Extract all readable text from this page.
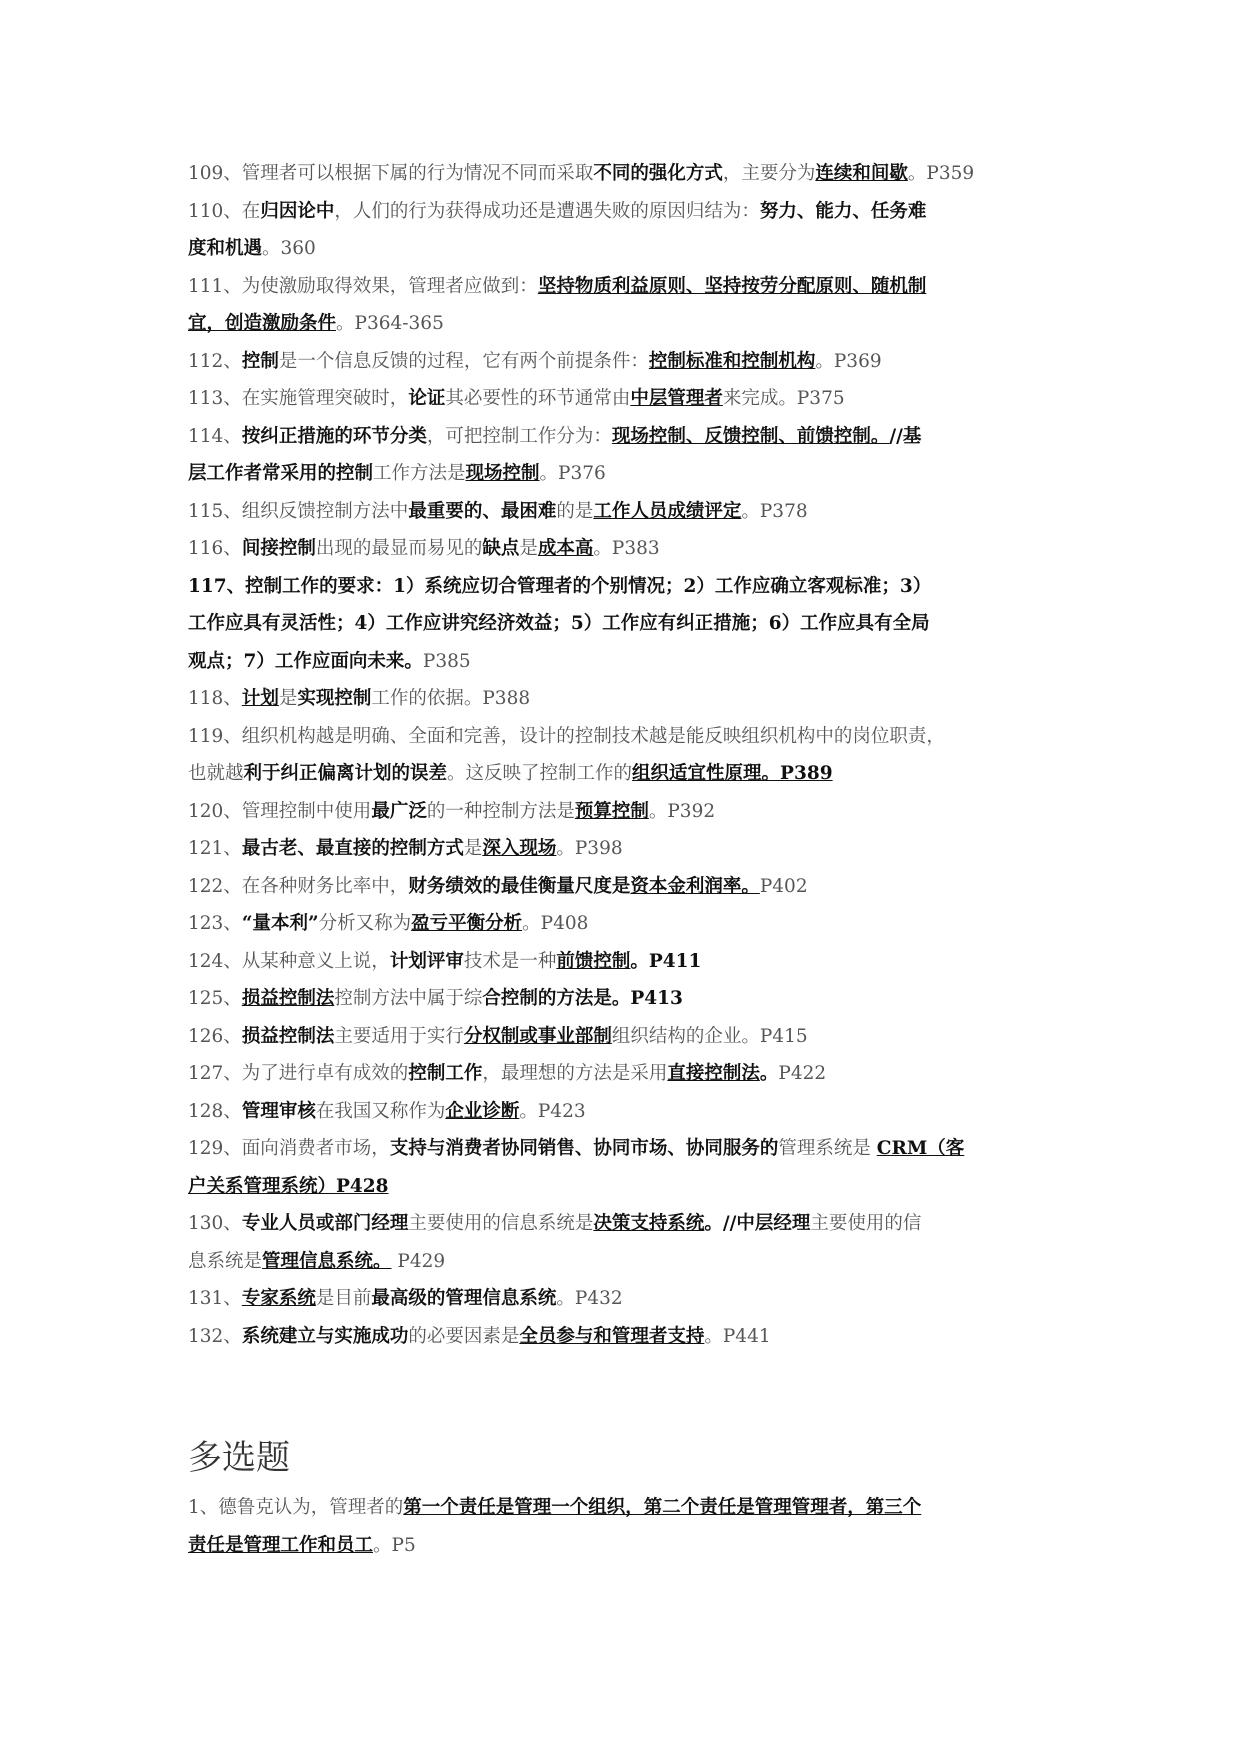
109、管理者可以根据下属的行为情况不同而采取不同的强化方式，主要分为连续和间歇。P359
110、在归因论中，人们的行为获得成功还是遭遇失败的原因归结为：努力、能力、任务难
度和机遇。360
111、为使激励取得效果，管理者应做到：坚持物质利益原则、坚持按劳分配原则、随机制
宜，创造激励条件。P364-365
112、控制是一个信息反馈的过程，它有两个前提条件：控制标准和控制机构。P369
113、在实施管理突破时，论证其必要性的环节通常由中层管理者来完成。P375
114、按纠正措施的环节分类，可把控制工作分为：现场控制、反馈控制、前馈控制。//基
层工作者常采用的控制工作方法是现场控制。P376
115、组织反馈控制方法中最重要的、最困难的是工作人员成绩评定。P378
116、间接控制出现的最显而易见的缺点是成本高。P383
117、控制工作的要求：1）系统应切合管理者的个别情况；2）工作应确立客观标准；3）
工作应具有灵活性；4）工作应讲究经济效益；5）工作应有纠正措施；6）工作应具有全局
观点；7）工作应面向未来。P385
118、计划是实现控制工作的依据。P388
119、组织机构越是明确、全面和完善，设计的控制技术越是能反映组织机构中的岗位职责，
也就越利于纠正偏离计划的误差。这反映了控制工作的组织适宜性原理。P389
120、管理控制中使用最广泛的一种控制方法是预算控制。P392
121、最古老、最直接的控制方式是深入现场。P398
122、在各种财务比率中，财务绩效的最佳衡量尺度是资本金利润率。P402
123、“量本利”分析又称为盈亏平衡分析。P408
124、从某种意义上说，计划评审技术是一种前馈控制。P411
125、损益控制法控制方法中属于综合控制的方法是。P413
126、损益控制法主要适用于实行分权制或事业部制组织结构的企业。P415
127、为了进行卓有成效的控制工作，最理想的方法是采用直接控制法。P422
128、管理审核在我国又称作为企业诊断。P423
129、面向消费者市场，支持与消费者协同销售、协同市场、协同服务的管理系统是 CRM（客
户关系管理系统）P428
130、专业人员或部门经理主要使用的信息系统是决策支持系统。//中层经理主要使用的信
息系统是管理信息系统。 P429
131、专家系统是目前最高级的管理信息系统。P432
132、系统建立与实施成功的必要因素是全员参与和管理者支持。P441
多选题
1、德鲁克认为，管理者的第一个责任是管理一个组织，第二个责任是管理管理者，第三个
责任是管理工作和员工。P5
